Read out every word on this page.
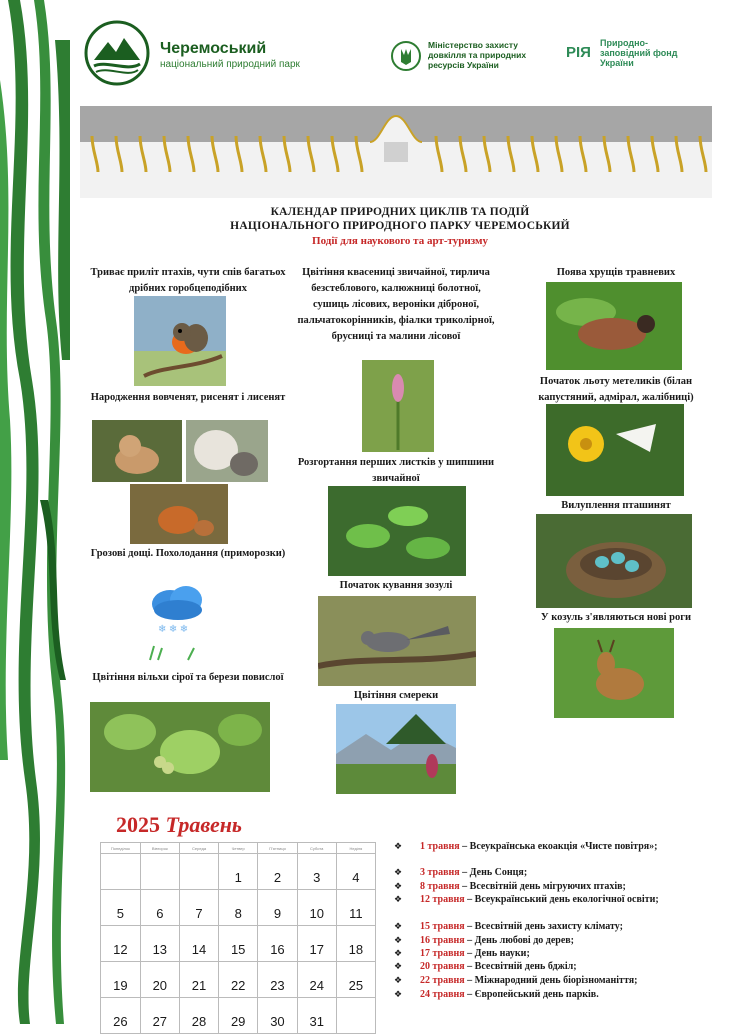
Черемоський
національний природний парк
Міністерство захисту довкілля та природних ресурсів України
РІЯ
Природно-заповідний фонд України
КАЛЕНДАР ПРИРОДНИХ ЦИКЛІВ ТА ПОДІЙ
НАЦІОНАЛЬНОГО ПРИРОДНОГО ПАРКУ ЧЕРЕМОСЬКИЙ
Події для наукового та арт-туризму
Триває приліт птахів, чути спів багатьох дрібних горобцеподібних
Народження вовченят, рисенят і лисенят
Грозові дощі. Похолодання (приморозки)
❄ ❄ ❄
Цвітіння вільхи сірої та берези повислої
Цвітіння квасениці звичайної, тирлича безстеблового, калюжниці болотної, сушиць лісових, вероніки діброної, пальчатокорінників, фіалки триколірної, брусниці та малини лісової
Розгортання перших листків у шипшини звичайної
Початок кування зозулі
Цвітіння смереки
Поява хрущів травневих
Початок льоту метеликів (білан капустяний, адмірал, жалібниці)
Вилуплення пташинят
У козуль з'являються нові роги
2025 Травень
Понеділок	Вівторок	Середа	Четвер	П'ятниця	Субота	Неділя
			1	2	3	4
5	6	7	8	9	10	11
12	13	14	15	16	17	18
19	20	21	22	23	24	25
26	27	28	29	30	31	
❖ 1 травня – Всеукраїнська екоакція «Чисте повітря»;
❖ 3 травня – День Сонця;
❖ 8 травня – Всесвітній день мігруючих птахів;
❖ 12 травня – Всеукраїнський день екологічної освіти;
❖ 15 травня – Всесвітній день захисту клімату;
❖ 16 травня – День любові до дерев;
❖ 17 травня – День науки;
❖ 20 травня – Всесвітній день бджіл;
❖ 22 травня – Міжнародний день біорізноманіття;
❖ 24 травня – Європейський день парків.
